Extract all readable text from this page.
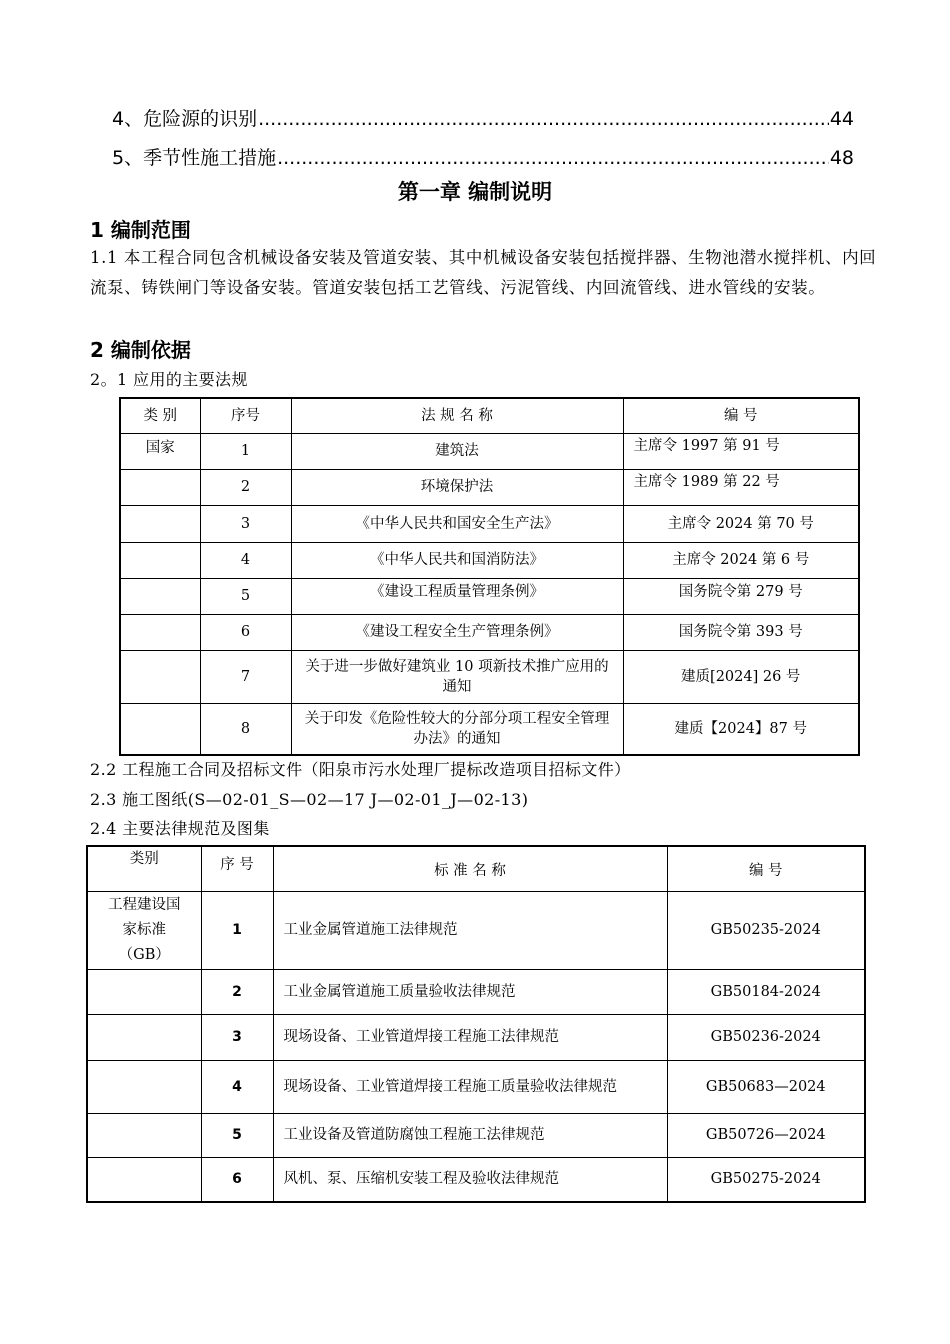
4、危险源的识别 .....	44
5、季节性施工措施 .....	48
第一章 编制说明
1 编制范围
1.1 本工程合同包含机械设备安装及管道安装、其中机械设备安装包括搅拌器、生物池潜水搅拌机、内回流泵、铸铁闸门等设备安装。管道安装包括工艺管线、污泥管线、内回流管线、进水管线的安装。
2 编制依据
2。1 应用的主要法规
类 别	序号	法 规 名 称	编 号
国家	1	建筑法	主席令 1997 第 91 号
	2	环境保护法	主席令 1989 第 22 号
	3	《中华人民共和国安全生产法》	主席令 2024 第 70 号
	4	《中华人民共和国消防法》	主席令 2024 第 6 号
	5	《建设工程质量管理条例》	国务院令第 279 号
	6	《建设工程安全生产管理条例》	国务院令第 393 号
	7	关于进一步做好建筑业 10 项新技术推广应用的通知	建质[2024] 26 号
	8	关于印发《危险性较大的分部分项工程安全管理办法》的通知	建质【2024】87 号
2.2 工程施工合同及招标文件（阳泉市污水处理厂提标改造项目招标文件）
2.3 施工图纸(S—02-01_S—02—17 J—02-01_J—02-13)
2.4 主要法律规范及图集
类别	序 号	标 准 名 称	编 号
工程建设国家标准（GB）	1	工业金属管道施工法律规范	GB50235-2024
	2	工业金属管道施工质量验收法律规范	GB50184-2024
	3	现场设备、工业管道焊接工程施工法律规范	GB50236-2024
	4	现场设备、工业管道焊接工程施工质量验收法律规范	GB50683—2024
	5	工业设备及管道防腐蚀工程施工法律规范	GB50726—2024
	6	风机、泵、压缩机安装工程及验收法律规范	GB50275-2024
